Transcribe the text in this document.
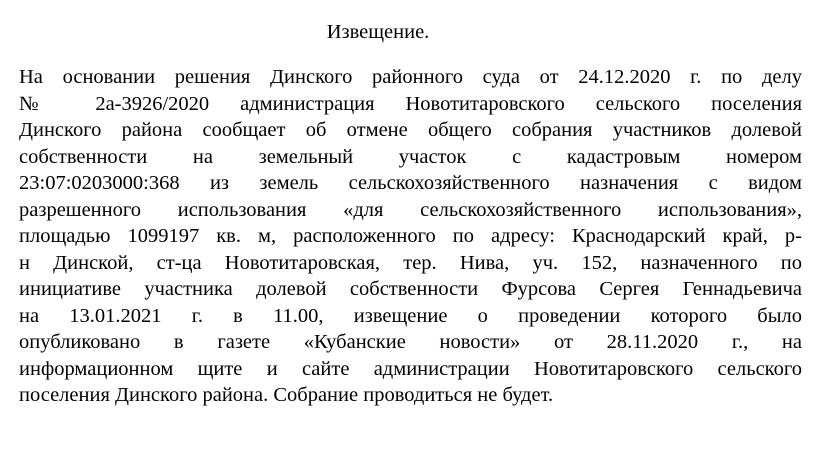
Извещение.
На основании решения Динского районного суда от 24.12.2020 г. по делу
№ 2а-3926/2020 администрация Новотитаровского сельского поселения
Динского района сообщает об отмене общего собрания участников долевой
собственности на земельный участок с кадастровым номером
23:07:0203000:368 из земель сельскохозяйственного назначения с видом
разрешенного использования «для сельскохозяйственного использования»,
площадью 1099197 кв. м, расположенного по адресу: Краснодарский край, р-
н Динской, ст-ца Новотитаровская, тер. Нива, уч. 152, назначенного по
инициативе участника долевой собственности Фурсова Сергея Геннадьевича
на 13.01.2021 г. в 11.00, извещение о проведении которого было
опубликовано в газете «Кубанские новости» от 28.11.2020 г., на
информационном щите и сайте администрации Новотитаровского сельского
поселения Динского района. Собрание проводиться не будет.
